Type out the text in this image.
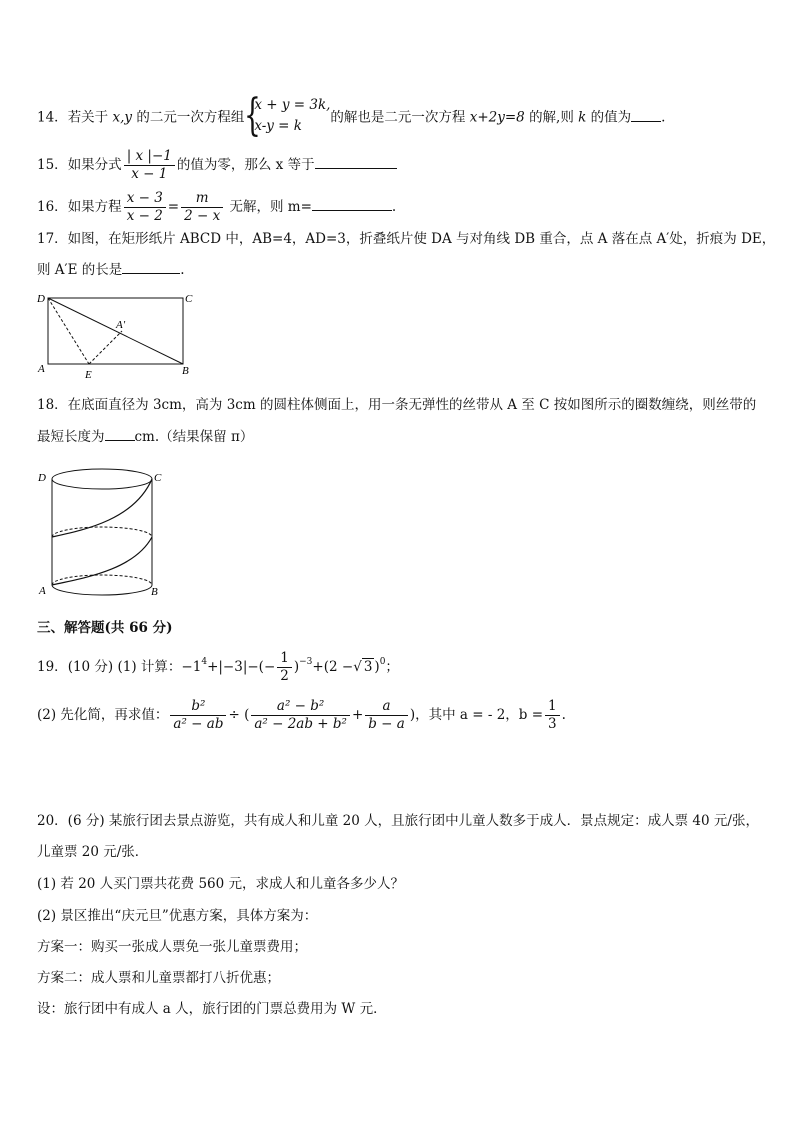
14．若关于 x,y 的二元一次方程组 {
x + y = 3k,
x-y = k
的解也是二元一次方程 x+2y=8 的解,则 k 的值为 .
15．如果分式 $\frac{| x |-1}{x - 1}$ 的值为零，那么 x 等于
16．如果方程 $\frac{x - 3}{x - 2} = \frac{m}{2 - x}$ 无解，则 m=	.
17．如图，在矩形纸片 ABCD 中，AB=4，AD=3，折叠纸片使 DA 与对角线 DB 重合，点 A 落在点 A′处，折痕为 DE，
则 A′E 的长是	.
D	C
A	B
E
A′
18．在底面直径为 3cm，高为 3cm 的圆柱体侧面上，用一条无弹性的丝带从 A 至 C 按如图所示的圈数缠绕，则丝带的
最短长度为 cm.（结果保留 π）
D	C
A	B
三、解答题(共 66 分)
19．(10 分) (1) 计算：$-1^4+|-3|-(- \frac{1}{2} )^{-3}+(2$ −√ 3 )$^0$；
(2) 先化简，再求值： $\frac{\text{b²}}{\text{a² − ab}}$ ÷ ( $\frac{\text{a² − b²}}{\text{a² − 2ab + b²}} + \frac{a}{b - a}$ )，其中 a = - 2，$b = \frac{1}{3}$ .
20．(6 分) 某旅行团去景点游览，共有成人和儿童 20 人，且旅行团中儿童人数多于成人．景点规定：成人票 40 元/张，
儿童票 20 元/张．
(1) 若 20 人买门票共花费 560 元，求成人和儿童各多少人？
(2) 景区推出“庆元旦”优惠方案，具体方案为：
方案一：购买一张成人票免一张儿童票费用；
方案二：成人票和儿童票都打八折优惠；
设：旅行团中有成人 a 人，旅行团的门票总费用为 W 元．
